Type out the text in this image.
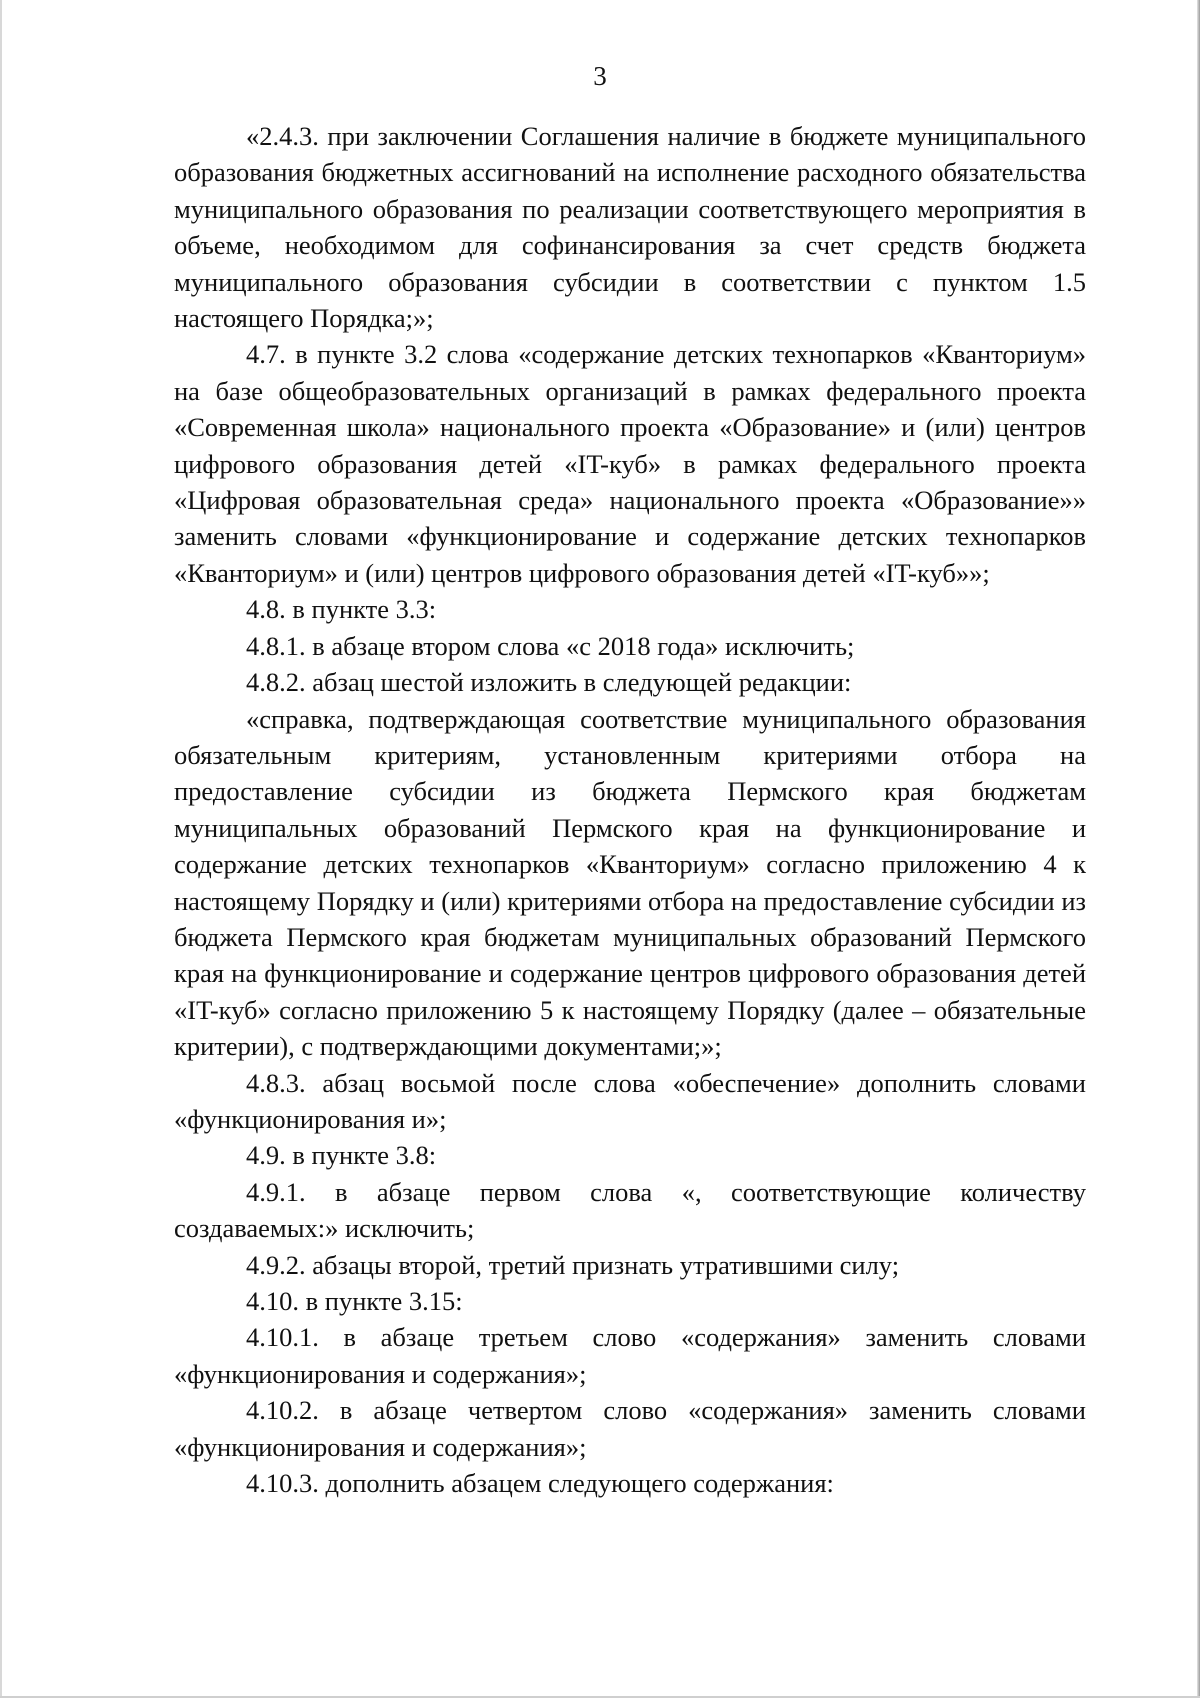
3

«2.4.3. при заключении Соглашения наличие в бюджете муниципального образования бюджетных ассигнований на исполнение расходного обязательства муниципального образования по реализации соответствующего мероприятия в объеме, необходимом для софинансирования за счет средств бюджета муниципального образования субсидии в соответствии с пунктом 1.5 настоящего Порядка;»;

4.7. в пункте 3.2 слова «содержание детских технопарков «Кванториум» на базе общеобразовательных организаций в рамках федерального проекта «Современная школа» национального проекта «Образование» и (или) центров цифрового образования детей «IT-куб» в рамках федерального проекта «Цифровая образовательная среда» национального проекта «Образование»» заменить словами «функционирование и содержание детских технопарков «Кванториум» и (или) центров цифрового образования детей «IT-куб»»;

4.8. в пункте 3.3:

4.8.1. в абзаце втором слова «с 2018 года» исключить;

4.8.2. абзац шестой изложить в следующей редакции:

«справка, подтверждающая соответствие муниципального образования обязательным критериям, установленным критериями отбора на предоставление субсидии из бюджета Пермского края бюджетам муниципальных образований Пермского края на функционирование и содержание детских технопарков «Кванториум» согласно приложению 4 к настоящему Порядку и (или) критериями отбора на предоставление субсидии из бюджета Пермского края бюджетам муниципальных образований Пермского края на функционирование и содержание центров цифрового образования детей «IT-куб» согласно приложению 5 к настоящему Порядку (далее – обязательные критерии), с подтверждающими документами;»;

4.8.3. абзац восьмой после слова «обеспечение» дополнить словами «функционирования и»;

4.9. в пункте 3.8:

4.9.1. в абзаце первом слова «, соответствующие количеству создаваемых:» исключить;

4.9.2. абзацы второй, третий признать утратившими силу;

4.10. в пункте 3.15:

4.10.1. в абзаце третьем слово «содержания» заменить словами «функционирования и содержания»;

4.10.2. в абзаце четвертом слово «содержания» заменить словами «функционирования и содержания»;

4.10.3. дополнить абзацем следующего содержания:
